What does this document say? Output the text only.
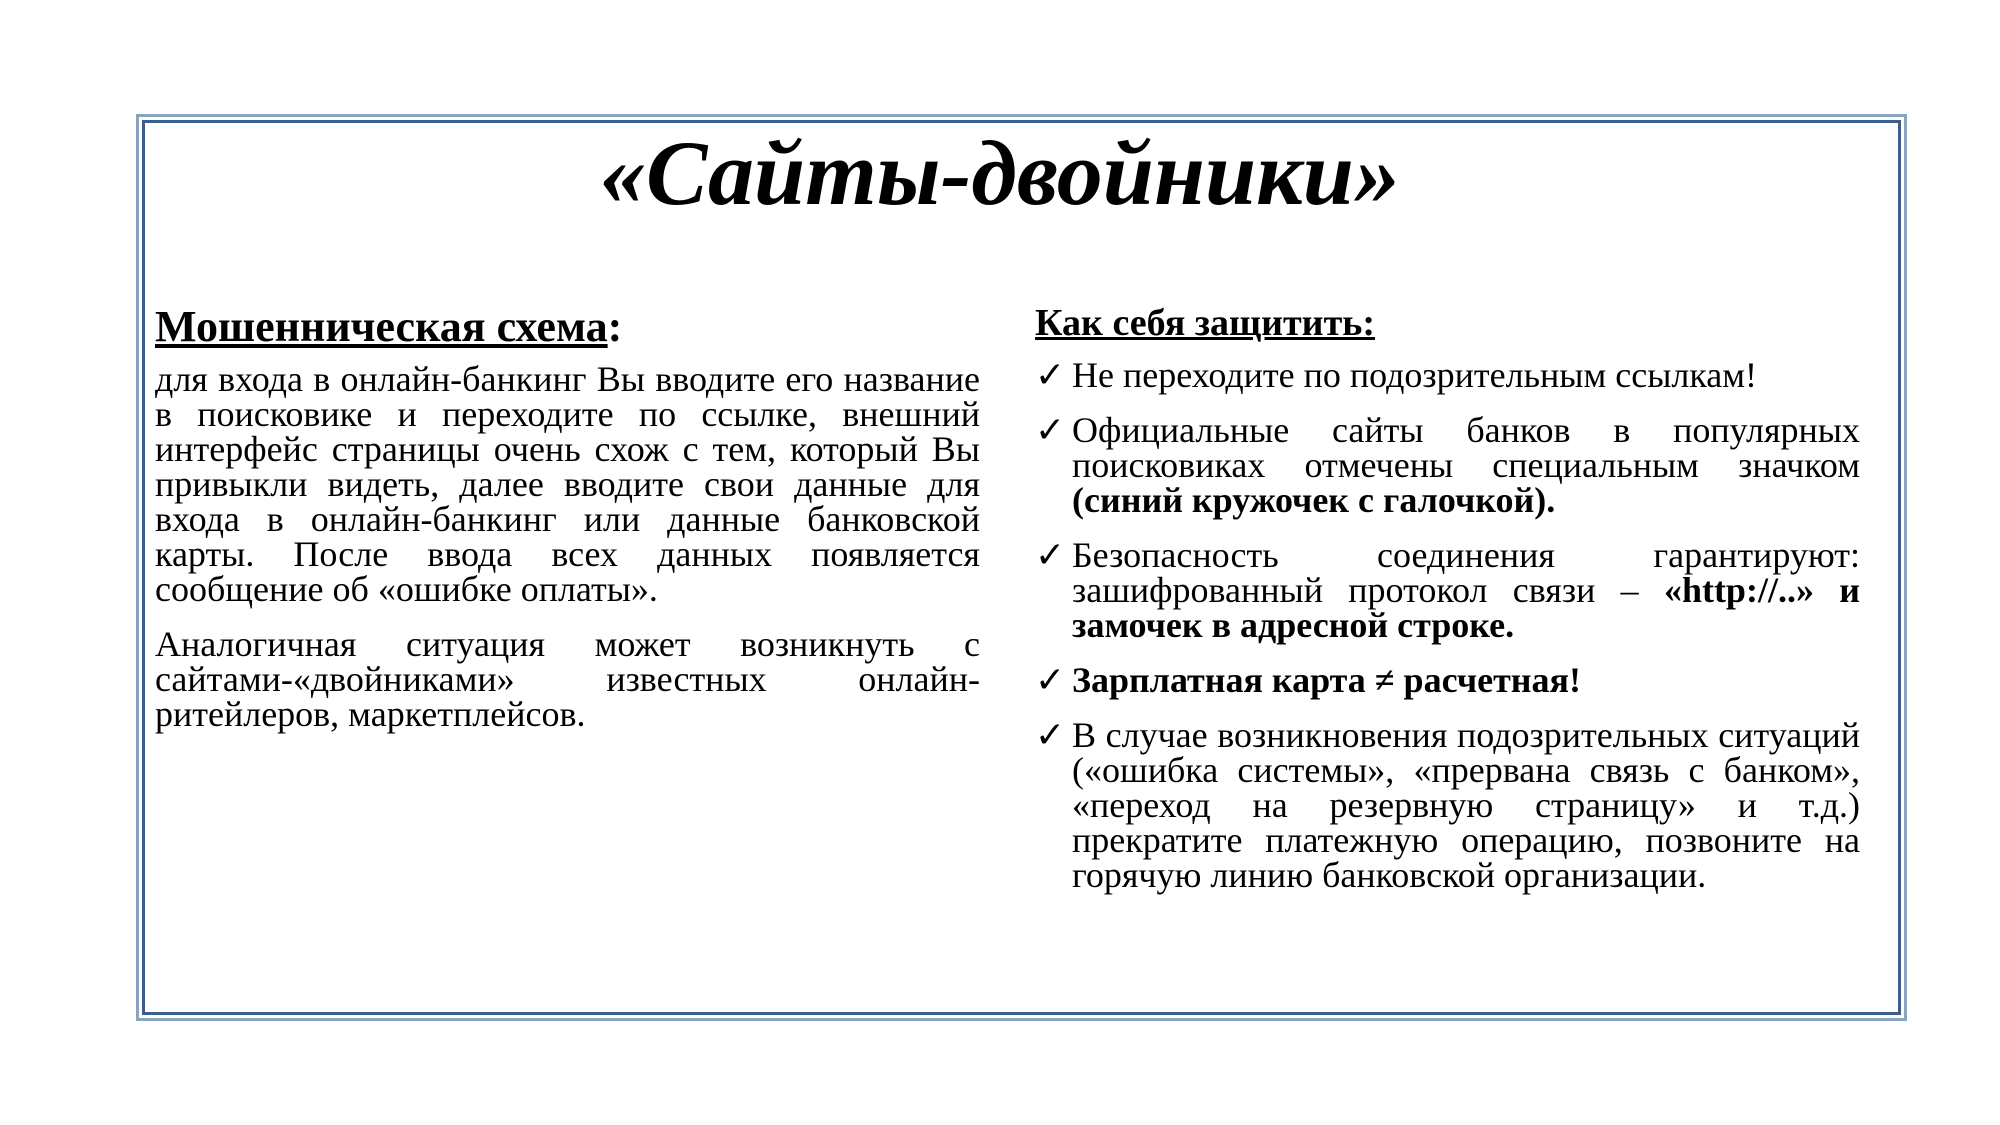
«Сайты-двойники»
Мошенническая схема:

для входа в онлайн-банкинг Вы вводите его название в поисковике и переходите по ссылке, внешний интерфейс страницы очень схож с тем, который Вы привыкли видеть, далее вводите свои данные для входа в онлайн-банкинг или данные банковской карты. После ввода всех данных появляется сообщение об «ошибке оплаты».

Аналогичная ситуация может возникнуть с сайтами-«двойниками» известных онлайн-ритейлеров, маркетплейсов.

Как себя защитить:
✓ Не переходите по подозрительным ссылкам!
✓ Официальные сайты банков в популярных поисковиках отмечены специальным значком (синий кружочек с галочкой).
✓ Безопасность соединения гарантируют: зашифрованный протокол связи – «http://..» и замочек в адресной строке.
✓ Зарплатная карта ≠ расчетная!
✓ В случае возникновения подозрительных ситуаций («ошибка системы», «прервана связь с банком», «переход на резервную страницу» и т.д.) прекратите платежную операцию, позвоните на горячую линию банковской организации.
